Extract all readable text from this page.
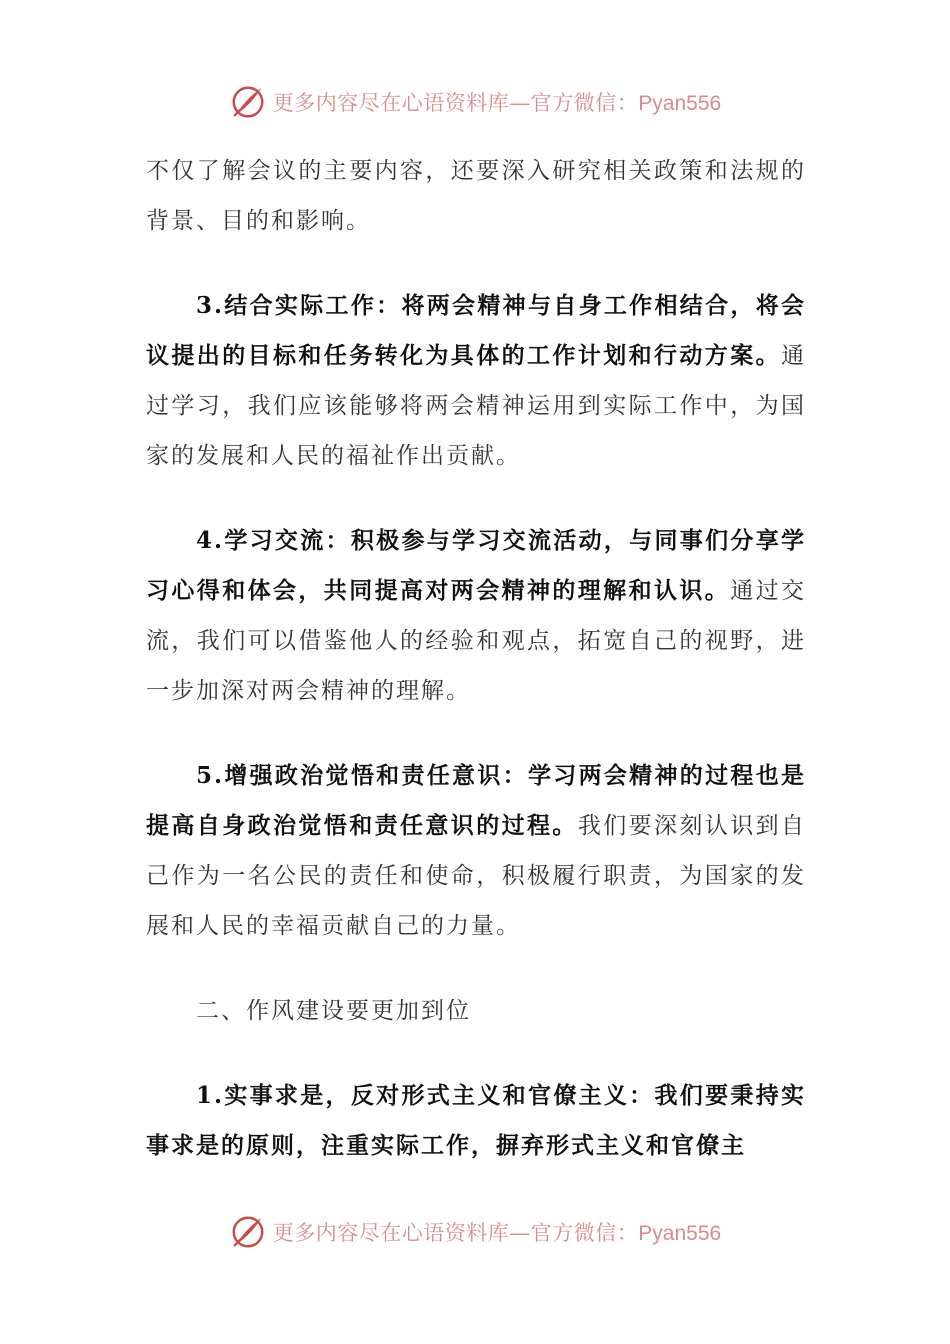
更多内容尽在心语资料库—官方微信：Pyan556

不仅了解会议的主要内容，还要深入研究相关政策和法规的背景、目的和影响。

3.结合实际工作：将两会精神与自身工作相结合，将会议提出的目标和任务转化为具体的工作计划和行动方案。通过学习，我们应该能够将两会精神运用到实际工作中，为国家的发展和人民的福祉作出贡献。

4.学习交流：积极参与学习交流活动，与同事们分享学习心得和体会，共同提高对两会精神的理解和认识。通过交流，我们可以借鉴他人的经验和观点，拓宽自己的视野，进一步加深对两会精神的理解。

5.增强政治觉悟和责任意识：学习两会精神的过程也是提高自身政治觉悟和责任意识的过程。我们要深刻认识到自己作为一名公民的责任和使命，积极履行职责，为国家的发展和人民的幸福贡献自己的力量。

二、作风建设要更加到位

1.实事求是，反对形式主义和官僚主义：我们要秉持实事求是的原则，注重实际工作，摒弃形式主义和官僚主

更多内容尽在心语资料库—官方微信：Pyan556
